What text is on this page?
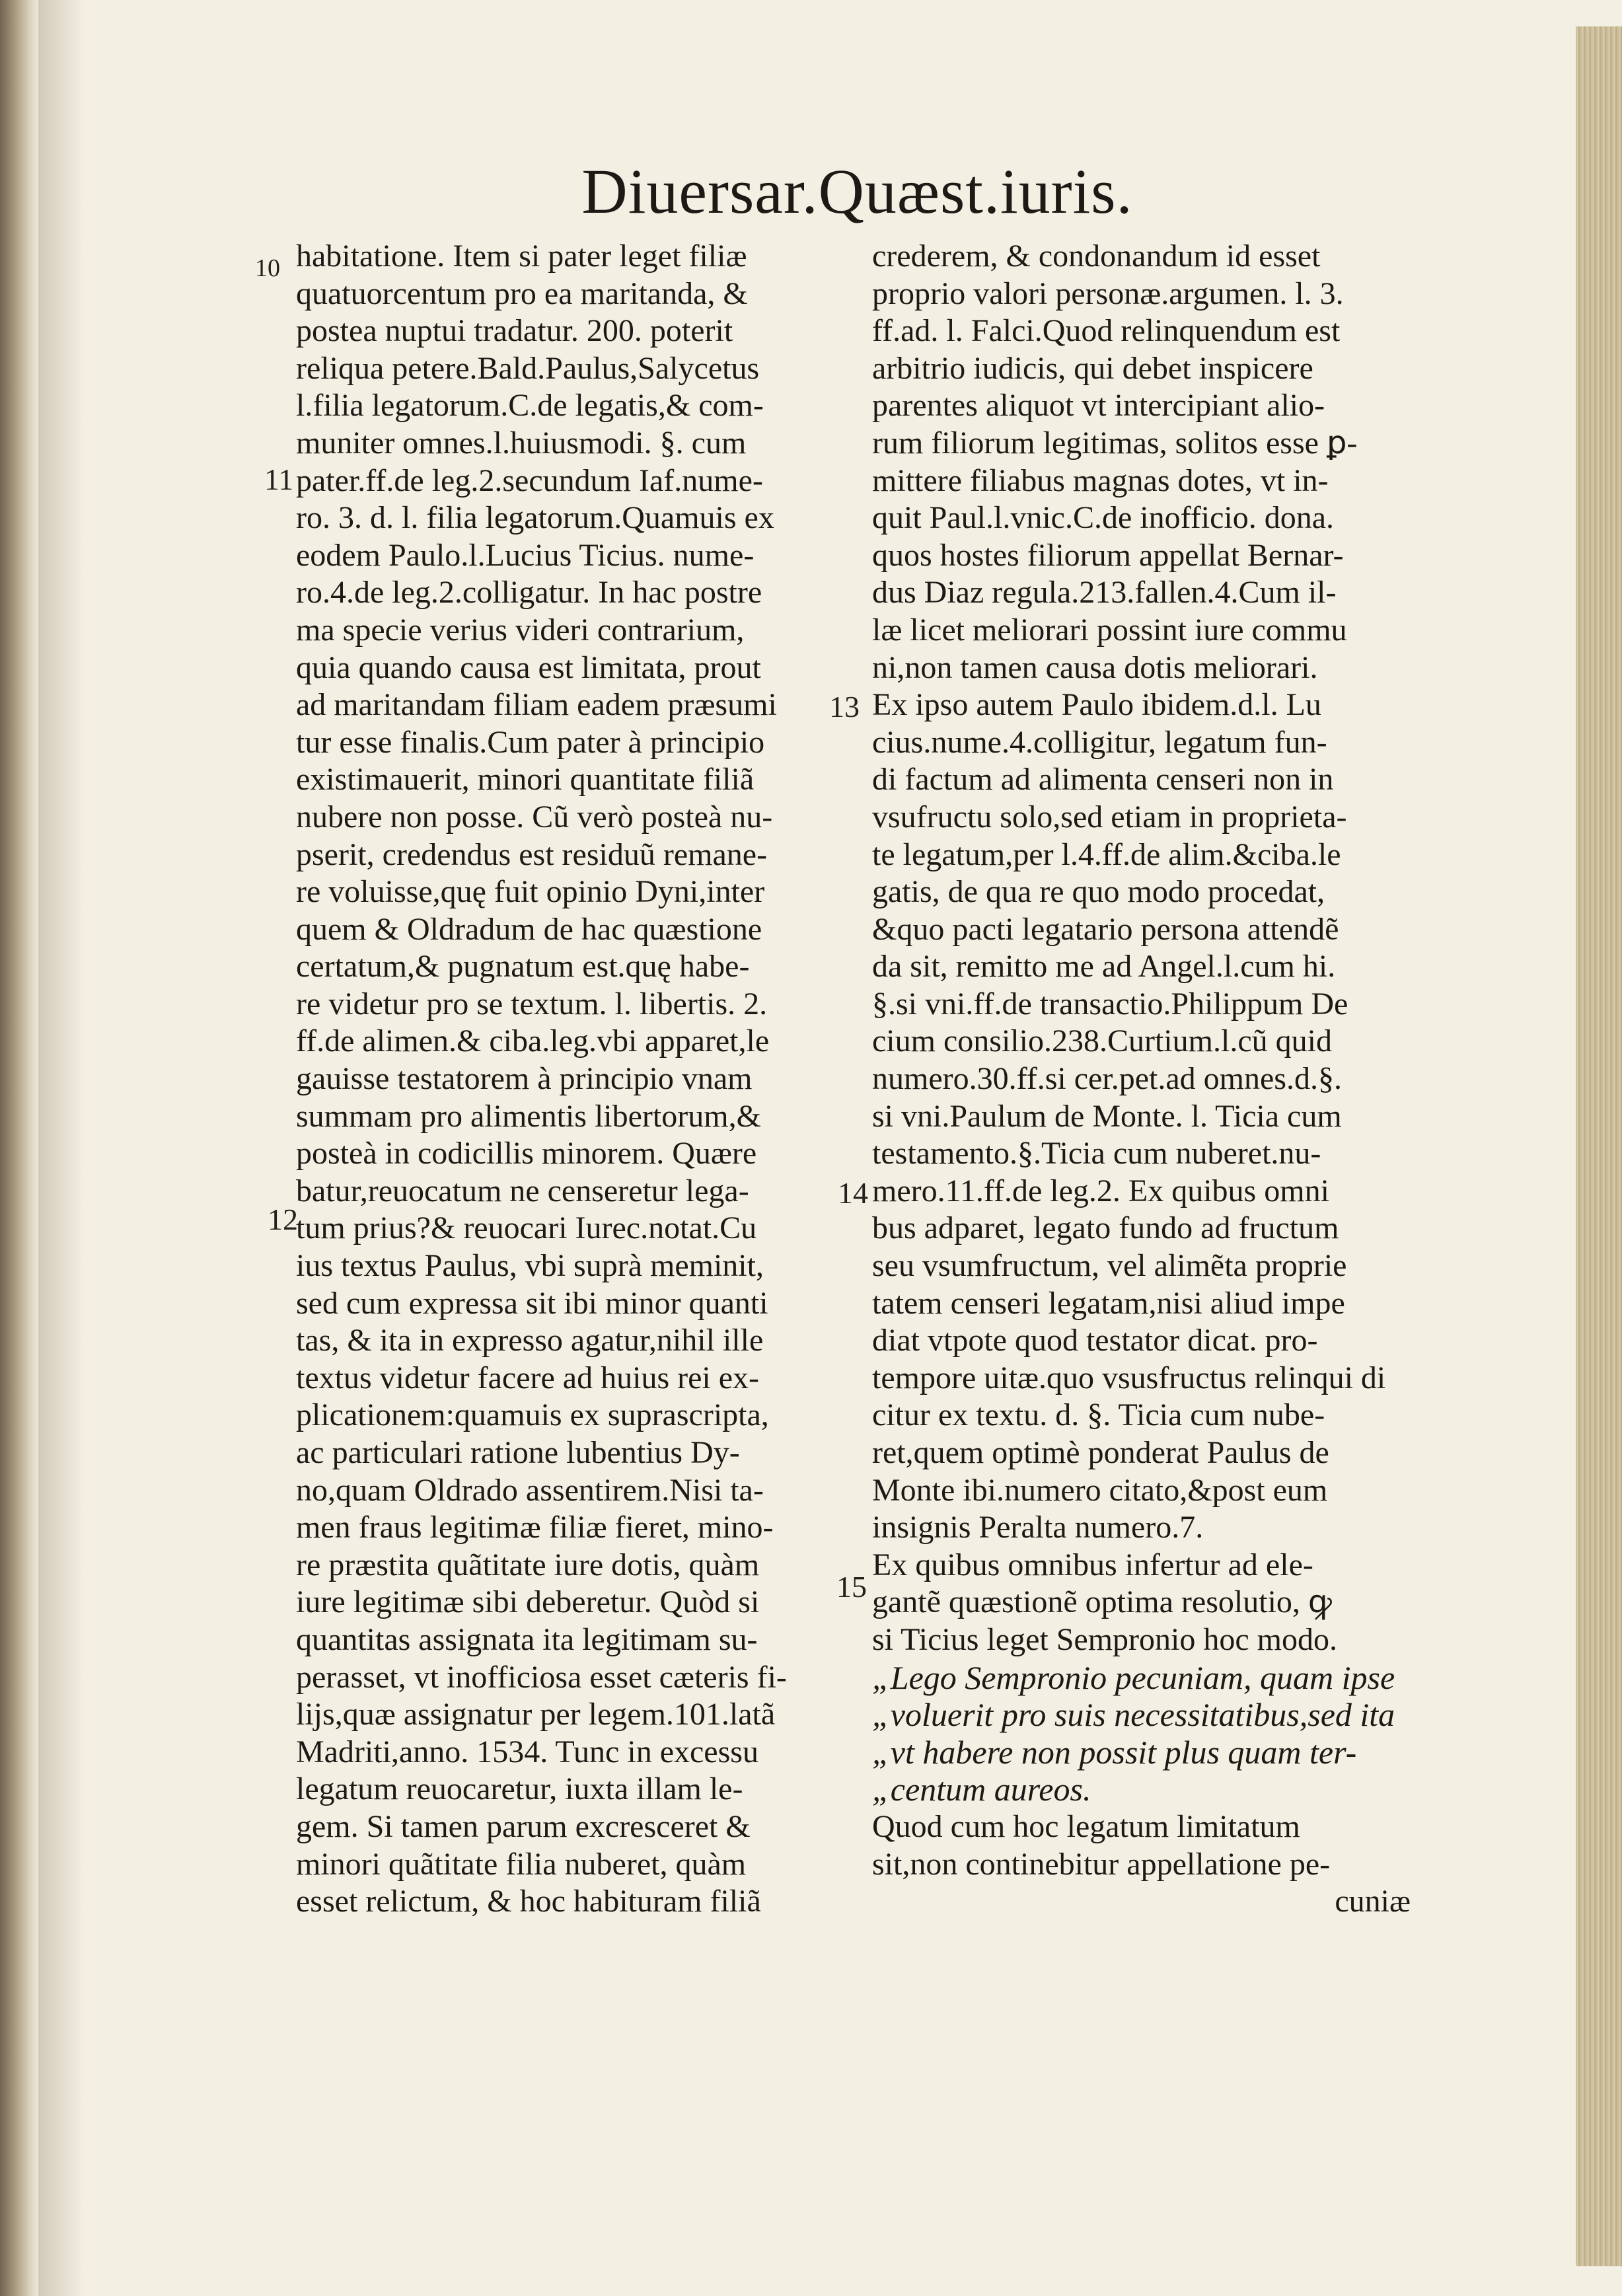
Diuersar.Quæst.iuris.
10
11
12
13
14
15
habitatione. Item si pater leget filiæ
quatuorcentum pro ea maritanda, &
postea nuptui tradatur. 200. poterit
reliqua petere.Bald.Paulus,Salycetus
l.filia legatorum.C.de legatis,& com-
muniter omnes.l.huiusmodi. §. cum
pater.ff.de leg.2.secundum Iaf.nume-
ro. 3. d. l. filia legatorum.Quamuis ex
eodem Paulo.l.Lucius Ticius. nume-
ro.4.de leg.2.colligatur. In hac postre
ma specie verius videri contrarium,
quia quando causa est limitata, prout
ad maritandam filiam eadem præsumi
tur esse finalis.Cum pater à principio
existimauerit, minori quantitate filiã
nubere non posse. Cũ verò posteà nu-
pserit, credendus est residuũ remane-
re voluisse,quę fuit opinio Dyni,inter
quem & Oldradum de hac quæstione
certatum,& pugnatum est.quę habe-
re videtur pro se textum. l. libertis. 2.
ff.de alimen.& ciba.leg.vbi apparet,le
gauisse testatorem à principio vnam
summam pro alimentis libertorum,&
posteà in codicillis minorem. Quære
batur,reuocatum ne censeretur lega-
tum prius?& reuocari Iurec.notat.Cu
ius textus Paulus, vbi suprà meminit,
sed cum expressa sit ibi minor quanti
tas, & ita in expresso agatur,nihil ille
textus videtur facere ad huius rei ex-
plicationem:quamuis ex suprascripta,
ac particulari ratione lubentius Dy-
no,quam Oldrado assentirem.Nisi ta-
men fraus legitimæ filiæ fieret, mino-
re præstita quãtitate iure dotis, quàm
iure legitimæ sibi deberetur. Quòd si
quantitas assignata ita legitimam su-
perasset, vt inofficiosa esset cæteris fi-
lijs,quæ assignatur per legem.101.latã
Madriti,anno. 1534. Tunc in excessu
legatum reuocaretur, iuxta illam le-
gem. Si tamen parum excresceret &
minori quãtitate filia nuberet, quàm
esset relictum, & hoc habituram filiã
crederem, & condonandum id esset
proprio valori personæ.argumen. l. 3.
ff.ad. l. Falci.Quod relinquendum est
arbitrio iudicis, qui debet inspicere
parentes aliquot vt intercipiant alio-
rum filiorum legitimas, solitos esse ꝑ-
mittere filiabus magnas dotes, vt in-
quit Paul.l.vnic.C.de inofficio. dona.
quos hostes filiorum appellat Bernar-
dus Diaz regula.213.fallen.4.Cum il-
læ licet meliorari possint iure commu
ni,non tamen causa dotis meliorari.
Ex ipso autem Paulo ibidem.d.l. Lu
cius.nume.4.colligitur, legatum fun-
di factum ad alimenta censeri non in
vsufructu solo,sed etiam in proprieta-
te legatum,per l.4.ff.de alim.&ciba.le
gatis, de qua re quo modo procedat,
&quo pacti legatario persona attendẽ
da sit, remitto me ad Angel.l.cum hi.
§.si vni.ff.de transactio.Philippum De
cium consilio.238.Curtium.l.cũ quid
numero.30.ff.si cer.pet.ad omnes.d.§.
si vni.Paulum de Monte. l. Ticia cum
testamento.§.Ticia cum nuberet.nu-
mero.11.ff.de leg.2. Ex quibus omni
bus adparet, legato fundo ad fructum
seu vsumfructum, vel alimẽta proprie
tatem censeri legatam,nisi aliud impe
diat vtpote quod testator dicat. pro-
tempore uitæ.quo vsusfructus relinqui di
citur ex textu. d. §. Ticia cum nube-
ret,quem optimè ponderat Paulus de
Monte ibi.numero citato,&post eum
insignis Peralta numero.7.
Ex quibus omnibus infertur ad ele-
gantẽ quæstionẽ optima resolutio, ꝙ
si Ticius leget Sempronio hoc modo.
„Lego Sempronio pecuniam, quam ipse
„voluerit pro suis necessitatibus,sed ita
„vt habere non possit plus quam ter-
„centum aureos.
Quod cum hoc legatum limitatum
sit,non continebitur appellatione pe-
cuniæ
